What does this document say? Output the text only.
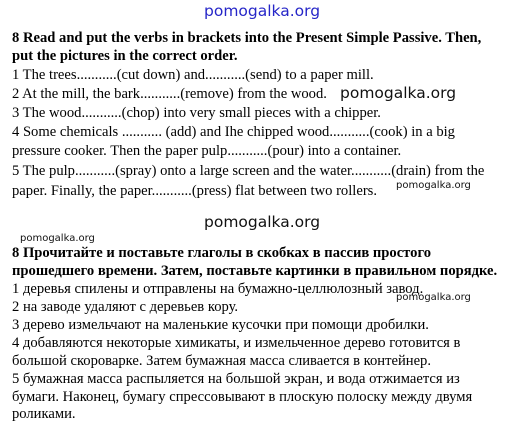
pomogalka.org
pomogalka.org
pomogalka.org
pomogalka.org
pomogalka.org
pomogalka.org
8 Read and put the verbs in brackets into the Present Simple Passive. Then,
put the pictures in the correct order.
1 The trees...........(cut down) and...........(send) to a paper mill.
2 At the mill, the bark...........(remove) from the wood.
3 The wood...........(chop) into very small pieces with a chipper.
4 Some chemicals ........... (add) and Ihe chipped wood...........(cook) in a big
pressure cooker. Then the paper pulp...........(pour) into a container.
5 The pulp...........(spray) onto a large screen and the water...........(drain) from the
paper. Finally, the paper...........(press) flat between two rollers.
8 Прочитайте и поставьте глаголы в скобках в пассив простого
прошедшего времени. Затем, поставьте картинки в правильном порядке.
1 деревья спилены и отправлены на бумажно-целлюлозный завод.
2 на заводе удаляют с деревьев кору.
3 дерево измельчают на маленькие кусочки при помощи дробилки.
4 добавляются некоторые химикаты, и измельченное дерево готовится в
большой скороварке. Затем бумажная масса сливается в контейнер.
5 бумажная масса распыляется на большой экран, и вода отжимается из
бумаги. Наконец, бумагу спрессовывают в плоскую полоску между двумя
роликами.
